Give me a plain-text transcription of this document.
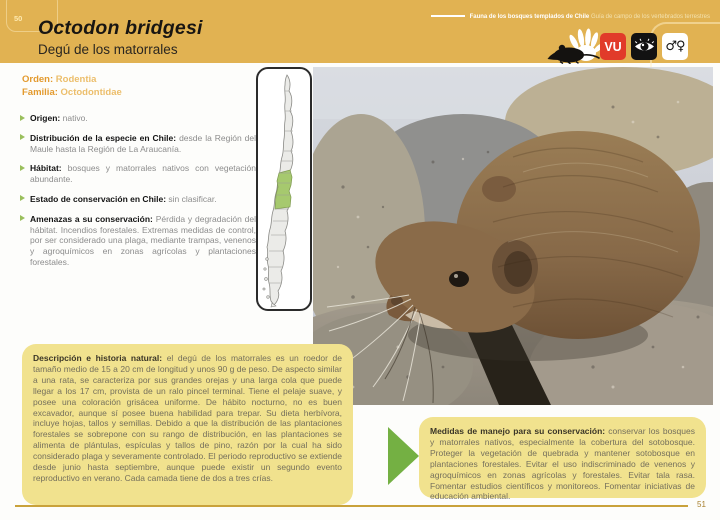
50 Octodon bridgesi
Degú de los matorrales
Fauna de los bosques templados de Chile Guía de campo de los vertebrados terrestres
VU	♂♀
Orden: Rodentia
Familia: Octodontidae
Origen: nativo.
Distribución de la especie en Chile: desde la Región del Maule hasta la Región de La Araucanía.
Hábitat: bosques y matorrales nativos con vegetación abundante.
Estado de conservación en Chile: sin clasificar.
Amenazas a su conservación: Pérdida y degradación del hábitat. Incendios forestales. Extremas medidas de control, por ser considerado una plaga, mediante trampas, venenos y agroquímicos en zonas agrícolas y plantaciones forestales.
Descripción e historia natural: el degú de los matorrales es un roedor de tamaño medio de 15 a 20 cm de longitud y unos 90 g de peso. De aspecto similar a una rata, se caracteriza por sus grandes orejas y una larga cola que puede llegar a los 17 cm, provista de un ralo pincel terminal. Tiene el pelaje suave, y posee una coloración grisácea uniforme. De hábito nocturno, no es buen excavador, aunque sí posee buena habilidad para trepar. Su dieta herbívora, incluye hojas, tallos y semillas. Debido a que la distribución de las plantaciones forestales se sobrepone con su rango de distribución, en las plantaciones se alimenta de plántulas, espículas y tallos de pino, razón por la cual ha sido considerado plaga y severamente controlado. El periodo reproductivo se extiende desde junio hasta septiembre, aunque puede existir un segundo evento reproductivo en verano. Cada camada tiene de dos a tres crías.
Medidas de manejo para su conservación: conservar los bosques y matorrales nativos, especialmente la cobertura del sotobosque. Proteger la vegetación de quebrada y mantener sotobosque en plantaciones forestales. Evitar el uso indiscriminado de venenos y agroquímicos en zonas agrícolas y forestales. Evitar tala rasa. Fomentar estudios científicos y monitoreos. Fomentar iniciativas de educación ambiental.
51
